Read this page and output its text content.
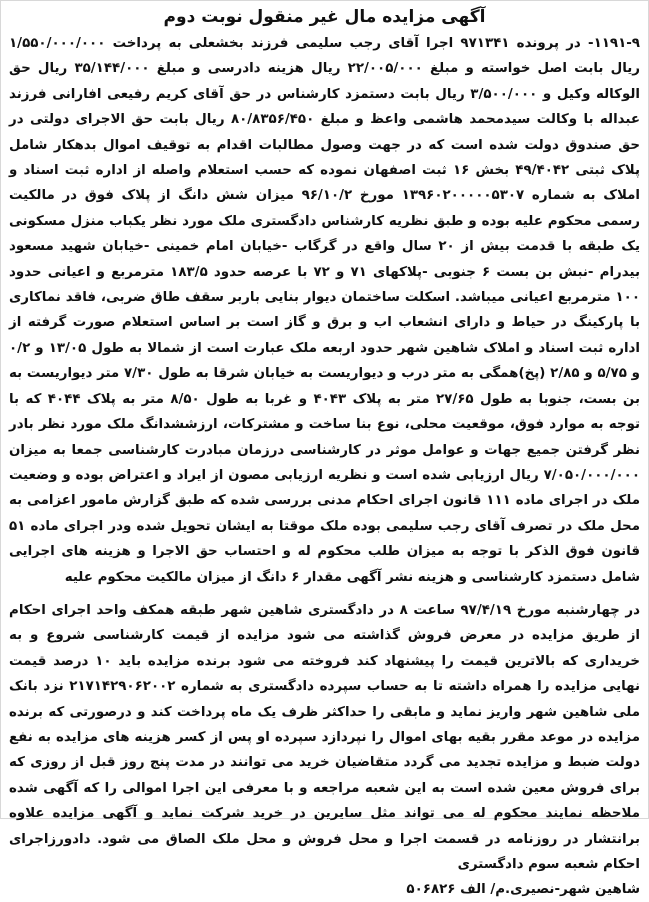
آگهی مزایده مال غیر منقول نوبت دوم

۱۱۹۱-۹- در پرونده ۹۷۱۳۴۱ اجرا آقای رجب سلیمی فرزند بخشعلی به پرداخت ۱/۵۵۰/۰۰۰/۰۰۰ ریال بابت اصل خواسته و مبلغ ۲۲/۰۰۵/۰۰۰ ریال هزینه دادرسی و مبلغ ۳۵/۱۴۴/۰۰۰ ریال حق الوکاله وکیل و ۳/۵۰۰/۰۰۰ ریال بابت دستمزد کارشناس در حق آقای کریم رفیعی افارانی فرزند عبداله با وکالت سیدمحمد هاشمی واعظ و مبلغ ۸۰/۸۳۵۶/۴۵۰ ریال بابت حق الاجرای دولتی در حق صندوق دولت شده است که در جهت وصول مطالبات اقدام به توقیف اموال بدهکار شامل پلاک ثبتی ۴۹/۴۰۴۲ بخش ۱۶ ثبت اصفهان نموده که حسب استعلام واصله از اداره ثبت اسناد و املاک به شماره ۱۳۹۶۰۲۰۰۰۰۰۵۳۰۷ مورخ ۹۶/۱۰/۲ میزان شش دانگ از پلاک فوق در مالکیت رسمی محکوم علیه بوده و طبق نظریه کارشناس دادگستری ملک مورد نظر یکباب منزل مسکونی یک طبقه با قدمت بیش از ۲۰ سال واقع در گرگاب -خیابان امام خمینی -خیابان شهید مسعود بیدرام -نبش بن بست ۶ جنوبی -پلاکهای ۷۱ و ۷۲ با عرصه حدود ۱۸۳/۵ مترمربع و اعیانی حدود ۱۰۰ مترمربع اعیانی میباشد. اسکلت ساختمان دیوار بنایی باربر سقف طاق ضربی، فاقد نماکاری با پارکینگ در حیاط و دارای انشعاب اب و برق و گاز است بر اساس استعلام صورت گرفته از اداره ثبت اسناد و املاک شاهین شهر حدود اربعه ملک عبارت است از شمالا به طول ۱۳/۰۵ و ۰/۲ و ۵/۷۵ و ۲/۸۵ (پخ)همگی به متر درب و دیواریست به خیابان شرقا به طول ۷/۳۰ متر دیواریست به بن بست، جنوبا به طول ۲۷/۶۵ متر به پلاک ۴۰۴۳ و غربا به طول ۸/۵۰ متر به پلاک ۴۰۴۴ که با توجه به موارد فوق، موقعیت محلی، نوع بنا ساخت و مشترکات، ارزششدانگ ملک مورد نظر بادر نظر گرفتن جمیع جهات و عوامل موثر در کارشناسی درزمان مبادرت کارشناسی جمعا به میزان ۷/۰۵۰/۰۰۰/۰۰۰ ریال ارزیابی شده است و نظریه ارزیابی مصون از ایراد و اعتراض بوده و وضعیت ملک در اجرای ماده ۱۱۱ قانون اجرای احکام مدنی بررسی شده که طبق گزارش مامور اعزامی به محل ملک در تصرف آقای رجب سلیمی بوده ملک موقتا به ایشان تحویل شده ودر اجرای ماده ۵۱ قانون فوق الذکر با توجه به میزان طلب محکوم له و احتساب حق الاجرا و هزینه های اجرایی شامل دستمزد کارشناسی و هزینه نشر آگهی مقدار ۶ دانگ از میزان مالکیت محکوم علیه

در چهارشنبه مورخ ۹۷/۴/۱۹ ساعت ۸ در دادگستری شاهین شهر طبقه همکف واحد اجرای احکام از طریق مزایده در معرض فروش گذاشته می شود مزایده از قیمت کارشناسی شروع و به خریداری که بالاترین قیمت را پیشنهاد کند فروخته می شود برنده مزایده باید ۱۰ درصد قیمت نهایی مزایده را همراه داشته تا به حساب سپرده دادگستری به شماره ۲۱۷۱۴۲۹۰۶۲۰۰۲ نزد بانک ملی شاهین شهر واریز نماید و مابقی را حداکثر ظرف یک ماه پرداخت کند و درصورتی که برنده مزایده در موعد مقرر بقیه بهای اموال را نپردازد سپرده او پس از کسر هزینه های مزایده به نفع دولت ضبط و مزایده تجدید می گردد متقاضیان خرید می توانند در مدت پنج روز قبل از روزی که برای فروش معین شده است به این شعبه مراجعه و با معرفی این اجرا اموالی را که آگهی شده ملاحظه نمایند محکوم له می تواند مثل سایرین در خرید شرکت نماید و آگهی مزایده علاوه برانتشار در روزنامه در قسمت اجرا و محل فروش و محل ملک الصاق می شود. دادورزاجرای احکام شعبه سوم دادگستری

شاهین شهر-نصیری.م/ الف ۵۰۶۸۲۶
